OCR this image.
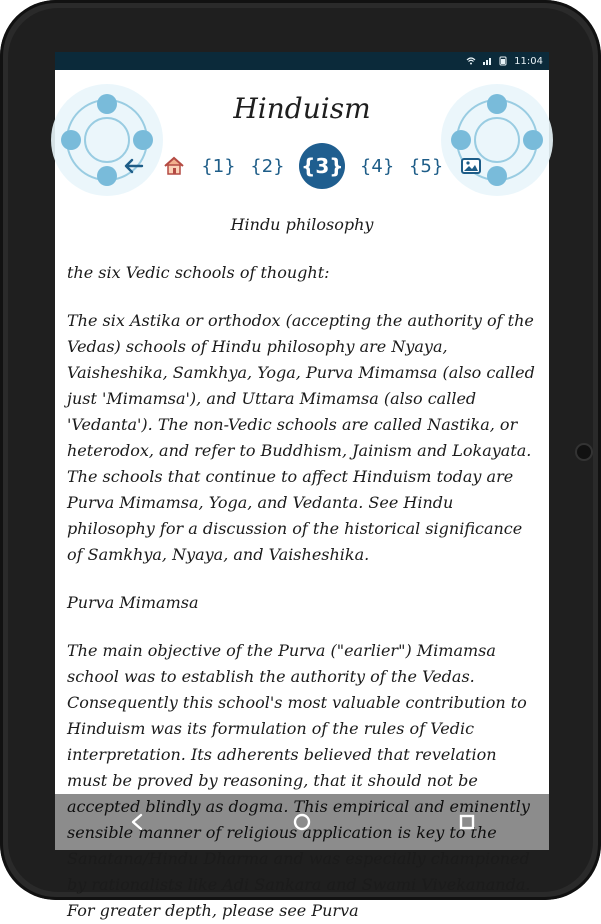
11:04
Hinduism
{1} {2} {3} {4} {5}

Hindu philosophy

the six Vedic schools of thought:

The six Astika or orthodox (accepting the authority of the Vedas) schools of Hindu philosophy are Nyaya, Vaisheshika, Samkhya, Yoga, Purva Mimamsa (also called just 'Mimamsa'), and Uttara Mimamsa (also called 'Vedanta'). The non-Vedic schools are called Nastika, or heterodox, and refer to Buddhism, Jainism and Lokayata. The schools that continue to affect Hinduism today are Purva Mimamsa, Yoga, and Vedanta. See Hindu philosophy for a discussion of the historical significance of Samkhya, Nyaya, and Vaisheshika.

Purva Mimamsa

The main objective of the Purva ("earlier") Mimamsa school was to establish the authority of the Vedas. Consequently this school's most valuable contribution to Hinduism was its formulation of the rules of Vedic interpretation. Its adherents believed that revelation must be proved by reasoning, that it should not be accepted blindly as dogma. This empirical and eminently sensible manner of religious application is key to the Sanatana/Hindu Dharma and was especially championed by rationalists like Adi Sankara and Swami Vivekananda. For greater depth, please see Purva
